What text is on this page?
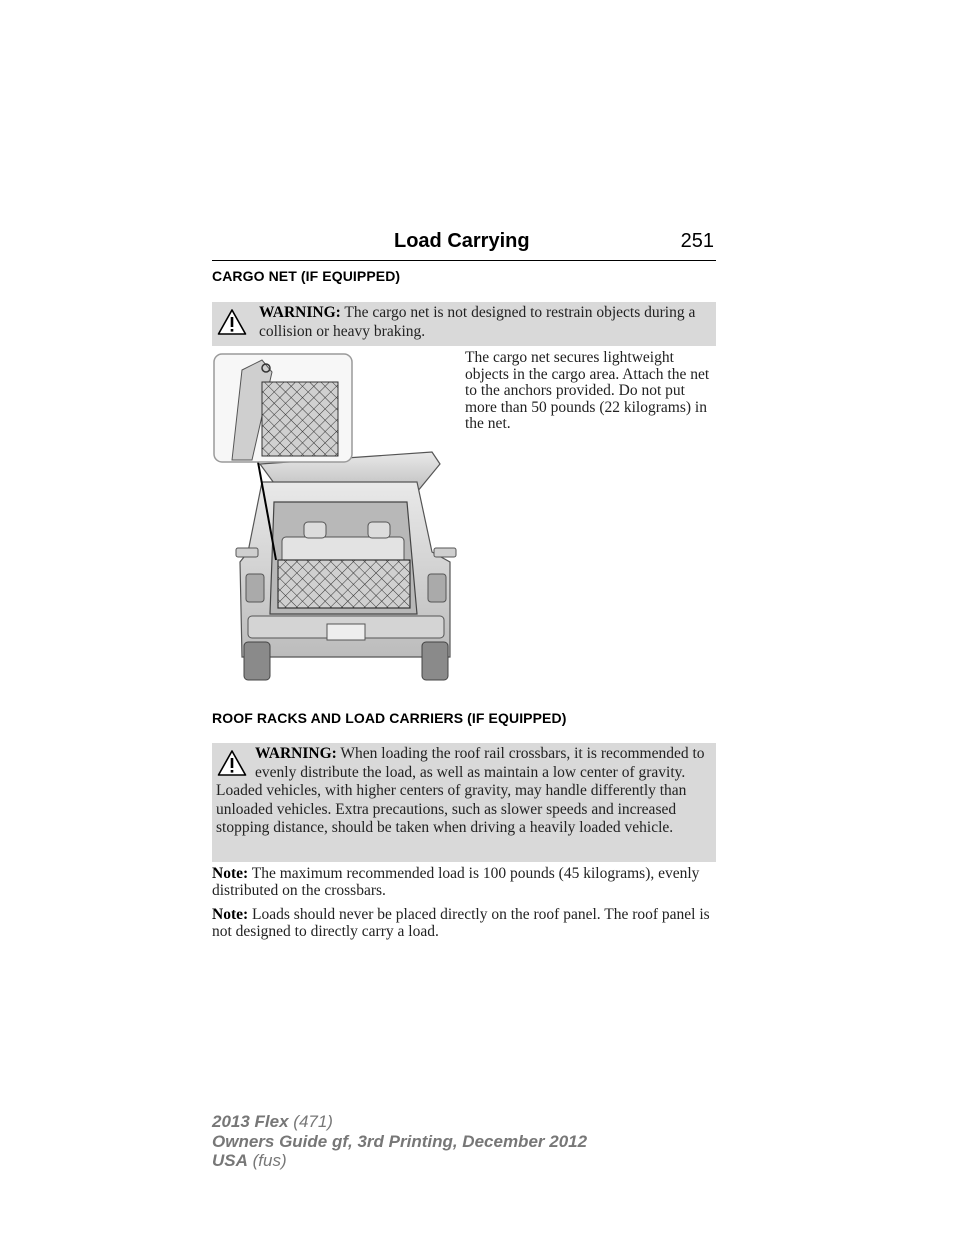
Load Carrying	251
CARGO NET (IF EQUIPPED)
WARNING: The cargo net is not designed to restrain objects during a collision or heavy braking.
The cargo net secures lightweight objects in the cargo area. Attach the net to the anchors provided. Do not put more than 50 pounds (22 kilograms) in the net.
ROOF RACKS AND LOAD CARRIERS (IF EQUIPPED)
WARNING: When loading the roof rail crossbars, it is recommended to evenly distribute the load, as well as maintain a low center of gravity. Loaded vehicles, with higher centers of gravity, may handle differently than unloaded vehicles. Extra precautions, such as slower speeds and increased stopping distance, should be taken when driving a heavily loaded vehicle.
Note: The maximum recommended load is 100 pounds (45 kilograms), evenly distributed on the crossbars.
Note: Loads should never be placed directly on the roof panel. The roof panel is not designed to directly carry a load.
2013 Flex (471)
Owners Guide gf, 3rd Printing, December 2012
USA (fus)
